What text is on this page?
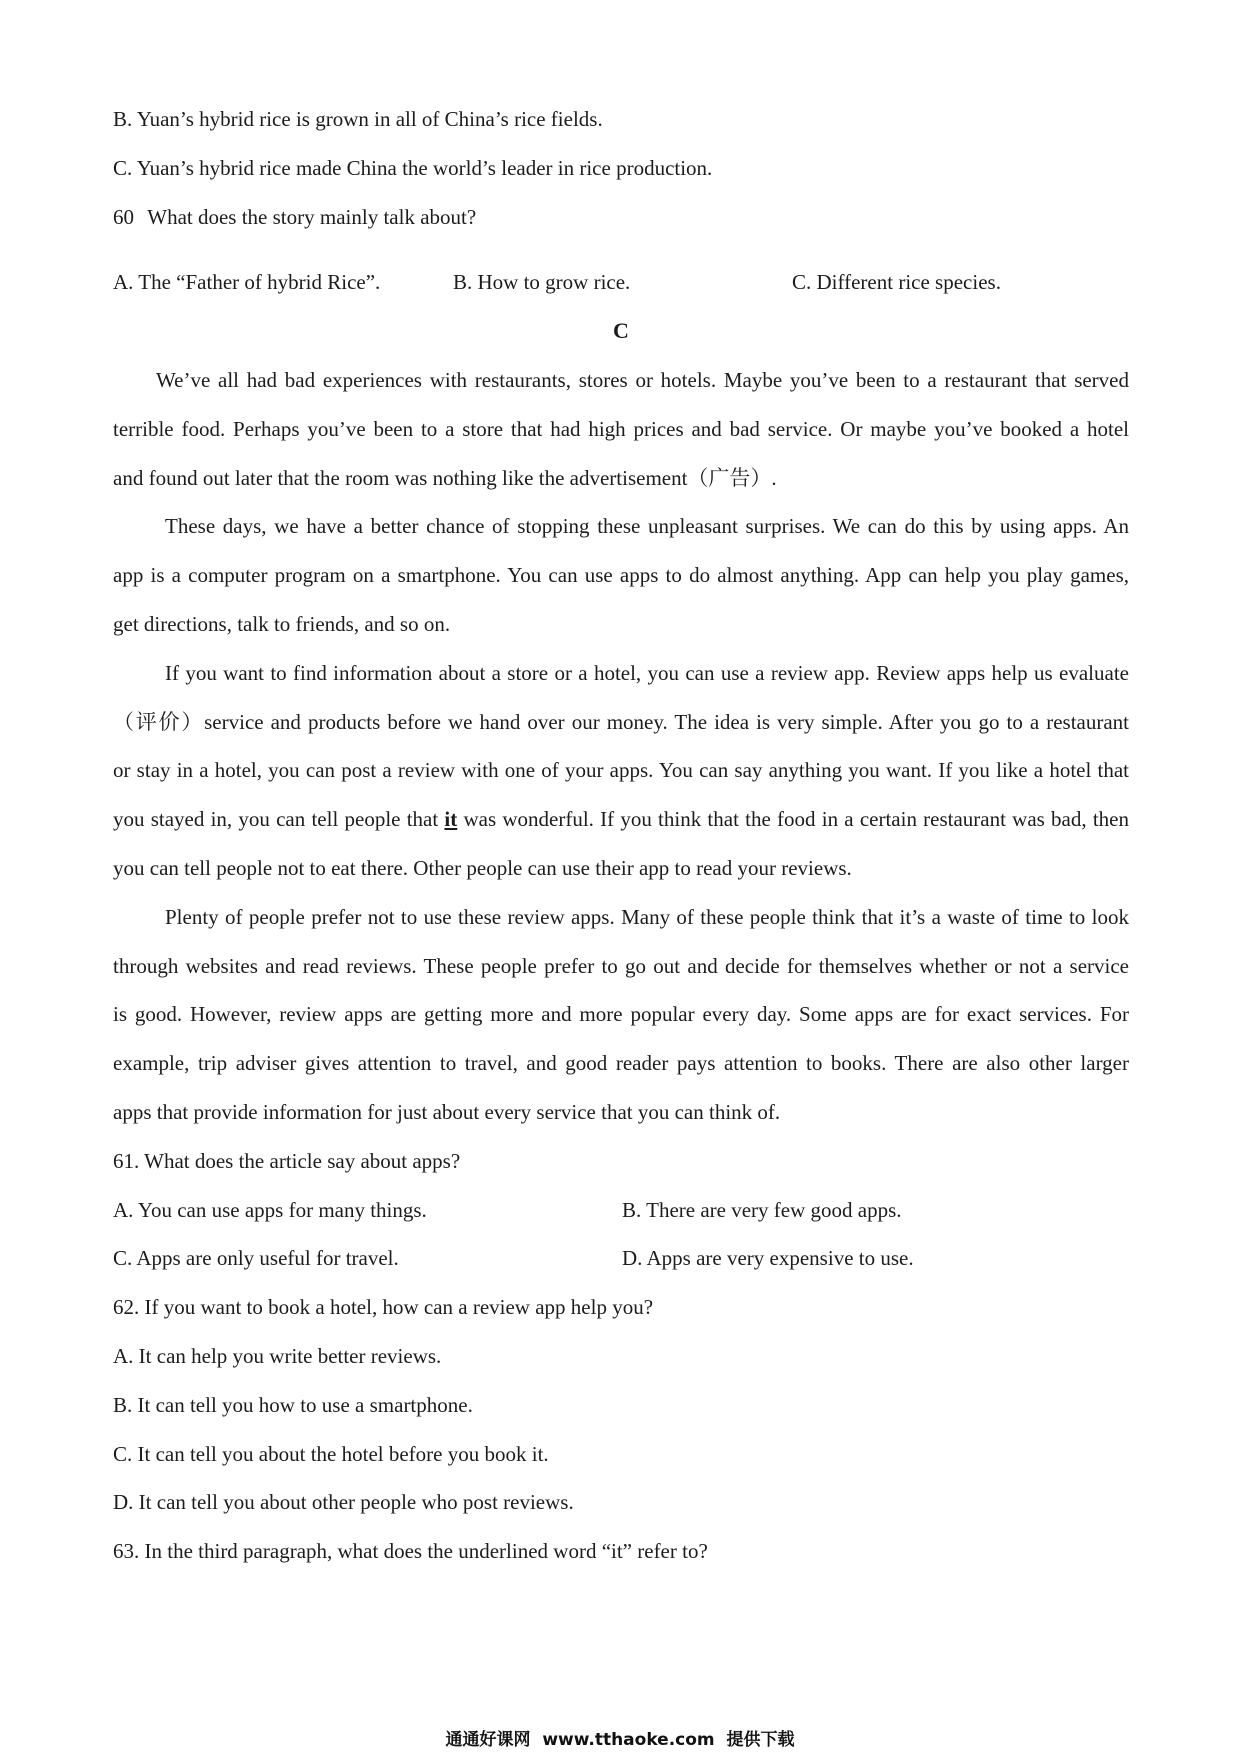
B. Yuan’s hybrid rice is grown in all of China’s rice fields.
C. Yuan’s hybrid rice made China the world’s leader in rice production.
60 What does the story mainly talk about?
A. The “Father of hybrid Rice”.	B. How to grow rice.	C. Different rice species.
C
We’ve all had bad experiences with restaurants, stores or hotels. Maybe you’ve been to a restaurant that served
terrible food. Perhaps you’ve been to a store that had high prices and bad service. Or maybe you’ve booked a hotel
and found out later that the room was nothing like the advertisement（广告）.
These days, we have a better chance of stopping these unpleasant surprises. We can do this by using apps. An
app is a computer program on a smartphone. You can use apps to do almost anything. App can help you play games,
get directions, talk to friends, and so on.
If you want to find information about a store or a hotel, you can use a review app. Review apps help us evaluate
（评价）service and products before we hand over our money. The idea is very simple. After you go to a restaurant
or stay in a hotel, you can post a review with one of your apps. You can say anything you want. If you like a hotel that
you stayed in, you can tell people that it was wonderful. If you think that the food in a certain restaurant was bad, then
you can tell people not to eat there. Other people can use their app to read your reviews.
Plenty of people prefer not to use these review apps. Many of these people think that it’s a waste of time to look
through websites and read reviews. These people prefer to go out and decide for themselves whether or not a service
is good. However, review apps are getting more and more popular every day. Some apps are for exact services. For
example, trip adviser gives attention to travel, and good reader pays attention to books. There are also other larger
apps that provide information for just about every service that you can think of.
61. What does the article say about apps?
A. You can use apps for many things.	B. There are very few good apps.
C. Apps are only useful for travel.	D. Apps are very expensive to use.
62. If you want to book a hotel, how can a review app help you?
A. It can help you write better reviews.
B. It can tell you how to use a smartphone.
C. It can tell you about the hotel before you book it.
D. It can tell you about other people who post reviews.
63. In the third paragraph, what does the underlined word “it” refer to?
通通好课网  www.tthaoke.com  提供下载
